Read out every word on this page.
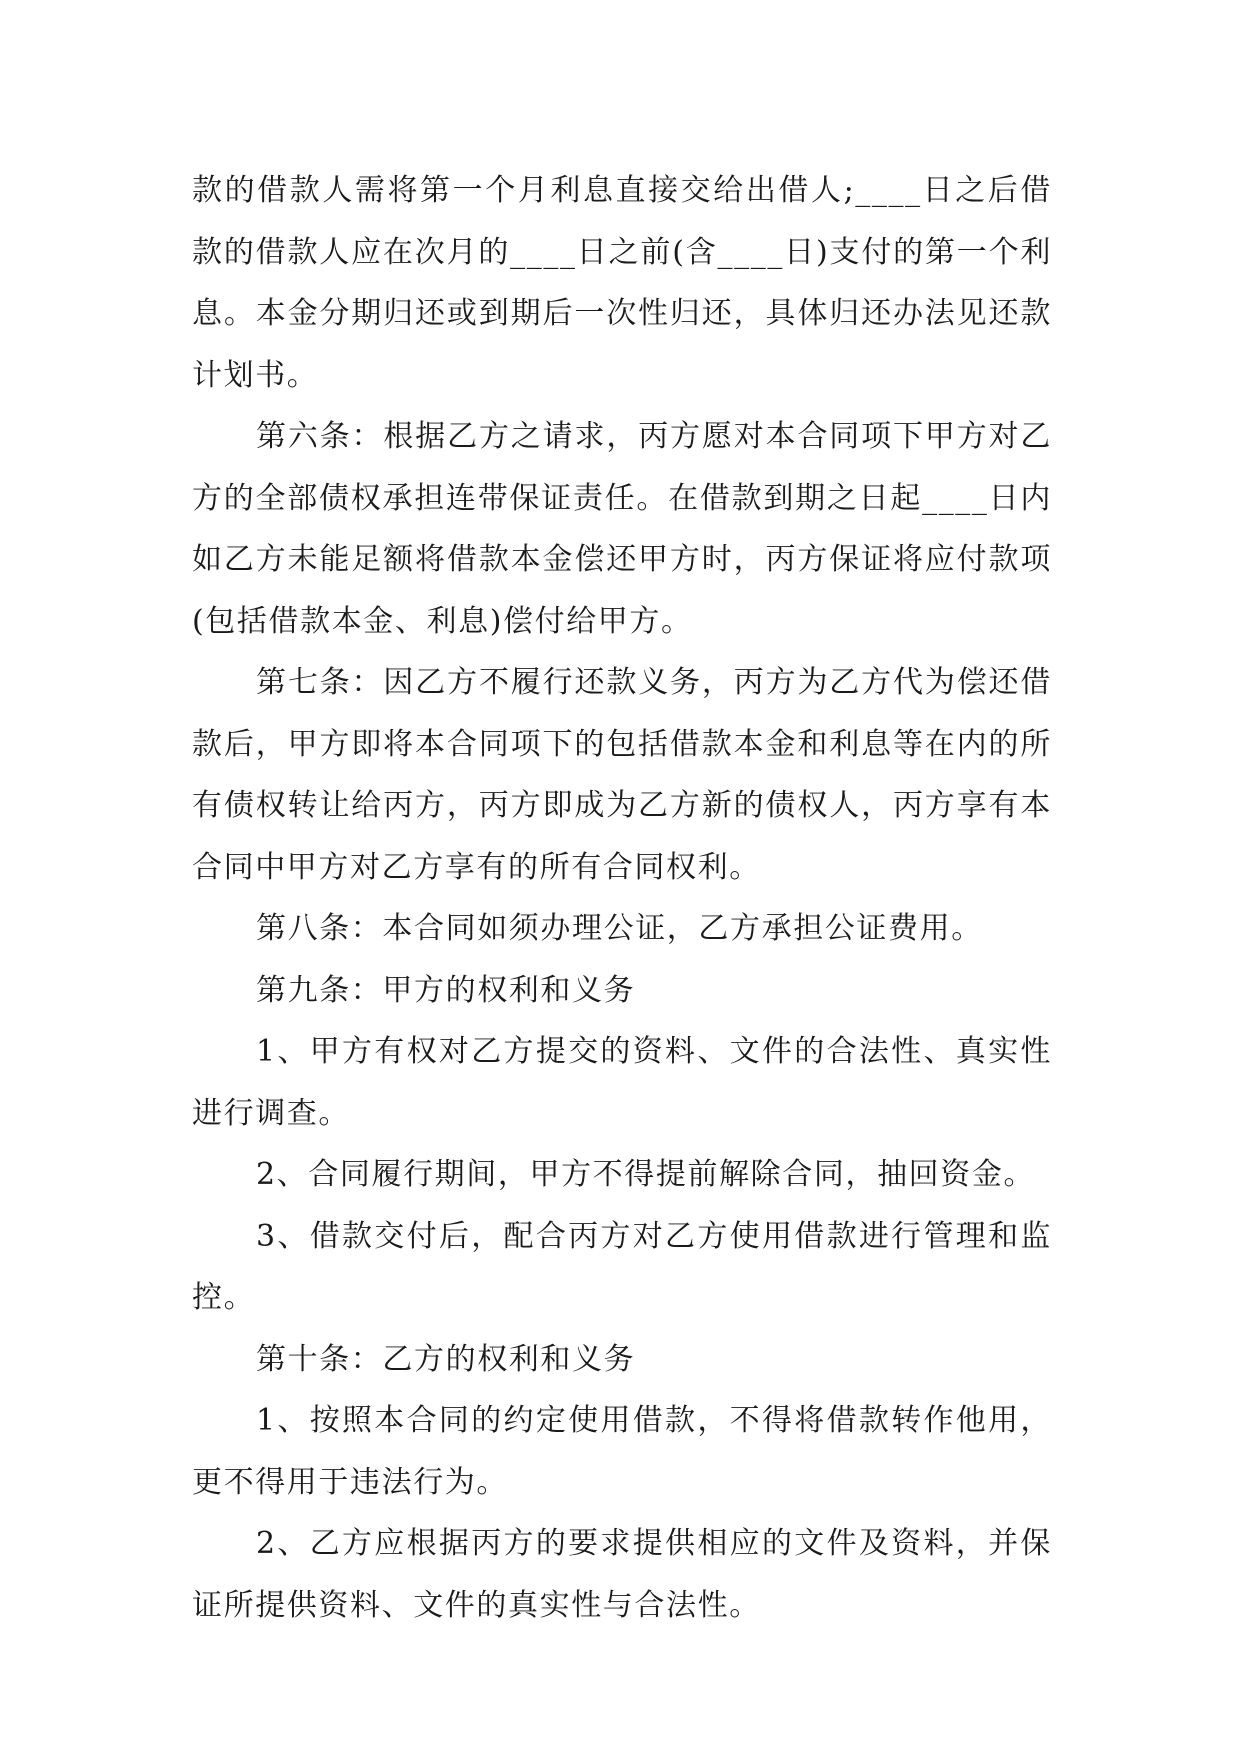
款的借款人需将第一个月利息直接交给出借人;____日之后借款的借款人应在次月的____日之前(含____日)支付的第一个利息。本金分期归还或到期后一次性归还，具体归还办法见还款计划书。

第六条：根据乙方之请求，丙方愿对本合同项下甲方对乙方的全部债权承担连带保证责任。在借款到期之日起____日内如乙方未能足额将借款本金偿还甲方时，丙方保证将应付款项(包括借款本金、利息)偿付给甲方。

第七条：因乙方不履行还款义务，丙方为乙方代为偿还借款后，甲方即将本合同项下的包括借款本金和利息等在内的所有债权转让给丙方，丙方即成为乙方新的债权人，丙方享有本合同中甲方对乙方享有的所有合同权利。

第八条：本合同如须办理公证，乙方承担公证费用。

第九条：甲方的权利和义务

1、甲方有权对乙方提交的资料、文件的合法性、真实性进行调查。

2、合同履行期间，甲方不得提前解除合同，抽回资金。

3、借款交付后，配合丙方对乙方使用借款进行管理和监控。

第十条：乙方的权利和义务

1、按照本合同的约定使用借款，不得将借款转作他用，更不得用于违法行为。

2、乙方应根据丙方的要求提供相应的文件及资料，并保证所提供资料、文件的真实性与合法性。
